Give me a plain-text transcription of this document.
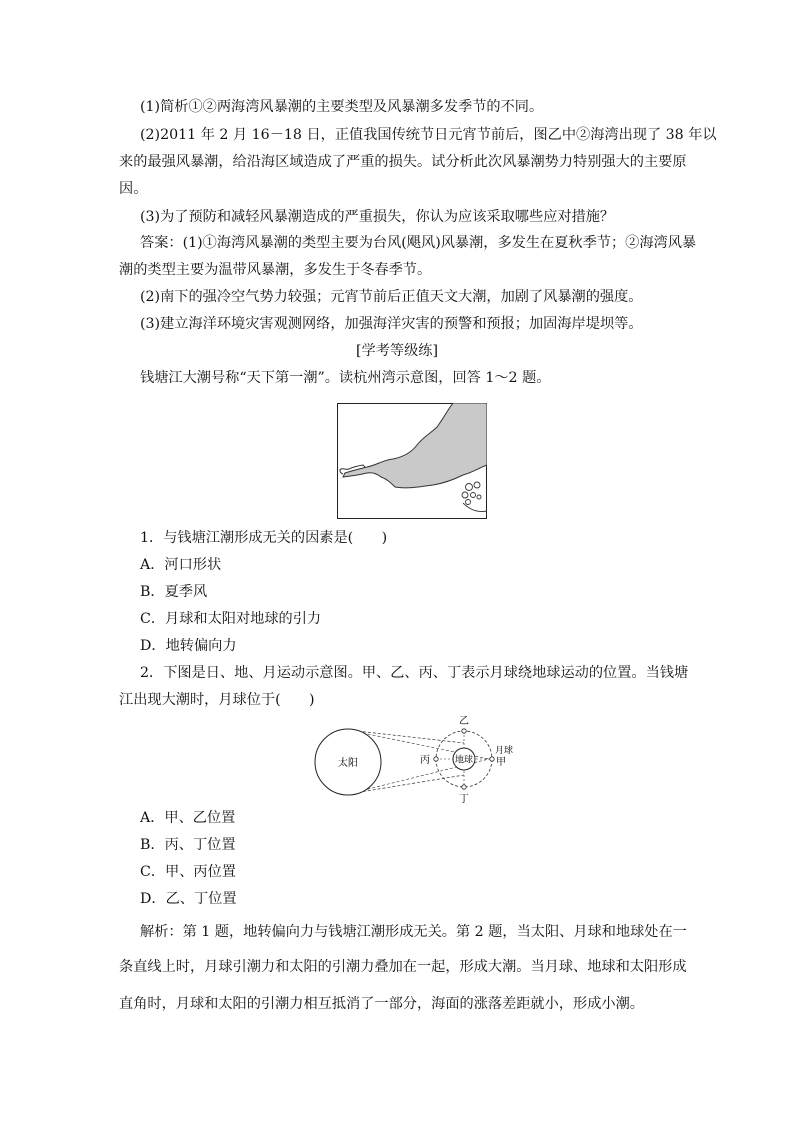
(1)简析①②两海湾风暴潮的主要类型及风暴潮多发季节的不同。
(2)2011 年 2 月 16－18 日，正值我国传统节日元宵节前后，图乙中②海湾出现了 38 年以
来的最强风暴潮，给沿海区域造成了严重的损失。试分析此次风暴潮势力特别强大的主要原
因。
(3)为了预防和减轻风暴潮造成的严重损失，你认为应该采取哪些应对措施？
答案：(1)①海湾风暴潮的类型主要为台风(飓风)风暴潮，多发生在夏秋季节；②海湾风暴
潮的类型主要为温带风暴潮，多发生于冬春季节。
(2)南下的强冷空气势力较强；元宵节前后正值天文大潮，加剧了风暴潮的强度。
(3)建立海洋环境灾害观测网络，加强海洋灾害的预警和预报；加固海岸堤坝等。
[学考等级练]
钱塘江大潮号称“天下第一潮”。读杭州湾示意图，回答 1～2 题。
1．与钱塘江潮形成无关的因素是(　　)
A．河口形状
B．夏季风
C．月球和太阳对地球的引力
D．地转偏向力
2．下图是日、地、月运动示意图。甲、乙、丙、丁表示月球绕地球运动的位置。当钱塘
江出现大潮时，月球位于(　　)
太阳	地球
乙
丁
丙
月球
甲
A．甲、乙位置
B．丙、丁位置
C．甲、丙位置
D．乙、丁位置
解析：第 1 题，地转偏向力与钱塘江潮形成无关。第 2 题，当太阳、月球和地球处在一
条直线上时，月球引潮力和太阳的引潮力叠加在一起，形成大潮。当月球、地球和太阳形成
直角时，月球和太阳的引潮力相互抵消了一部分，海面的涨落差距就小，形成小潮。
